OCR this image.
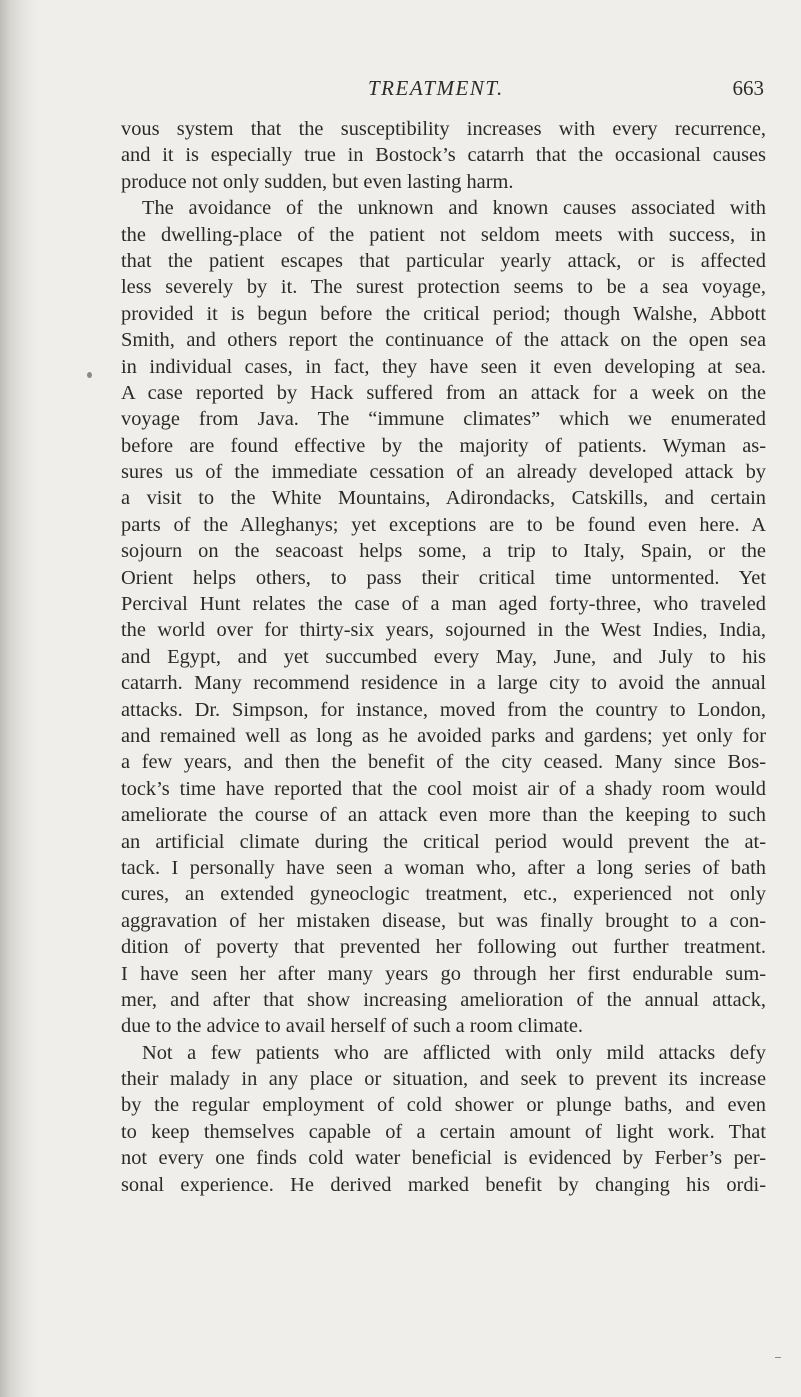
TREATMENT.	663
vous system that the susceptibility increases with every recurrence,
and it is especially true in Bostock’s catarrh that the occasional causes
produce not only sudden, but even lasting harm.
The avoidance of the unknown and known causes associated with
the dwelling-place of the patient not seldom meets with success, in
that the patient escapes that particular yearly attack, or is affected
less severely by it. The surest protection seems to be a sea voyage,
provided it is begun before the critical period; though Walshe, Abbott
Smith, and others report the continuance of the attack on the open sea
in individual cases, in fact, they have seen it even developing at sea.
A case reported by Hack suffered from an attack for a week on the
voyage from Java. The “immune climates” which we enumerated
before are found effective by the majority of patients. Wyman as-
sures us of the immediate cessation of an already developed attack by
a visit to the White Mountains, Adirondacks, Catskills, and certain
parts of the Alleghanys; yet exceptions are to be found even here. A
sojourn on the seacoast helps some, a trip to Italy, Spain, or the
Orient helps others, to pass their critical time untormented. Yet
Percival Hunt relates the case of a man aged forty-three, who traveled
the world over for thirty-six years, sojourned in the West Indies, India,
and Egypt, and yet succumbed every May, June, and July to his
catarrh. Many recommend residence in a large city to avoid the annual
attacks. Dr. Simpson, for instance, moved from the country to London,
and remained well as long as he avoided parks and gardens; yet only for
a few years, and then the benefit of the city ceased. Many since Bos-
tock’s time have reported that the cool moist air of a shady room would
ameliorate the course of an attack even more than the keeping to such
an artificial climate during the critical period would prevent the at-
tack. I personally have seen a woman who, after a long series of bath
cures, an extended gyneoclogic treatment, etc., experienced not only
aggravation of her mistaken disease, but was finally brought to a con-
dition of poverty that prevented her following out further treatment.
I have seen her after many years go through her first endurable sum-
mer, and after that show increasing amelioration of the annual attack,
due to the advice to avail herself of such a room climate.
Not a few patients who are afflicted with only mild attacks defy
their malady in any place or situation, and seek to prevent its increase
by the regular employment of cold shower or plunge baths, and even
to keep themselves capable of a certain amount of light work. That
not every one finds cold water beneficial is evidenced by Ferber’s per-
sonal experience. He derived marked benefit by changing his ordi-
